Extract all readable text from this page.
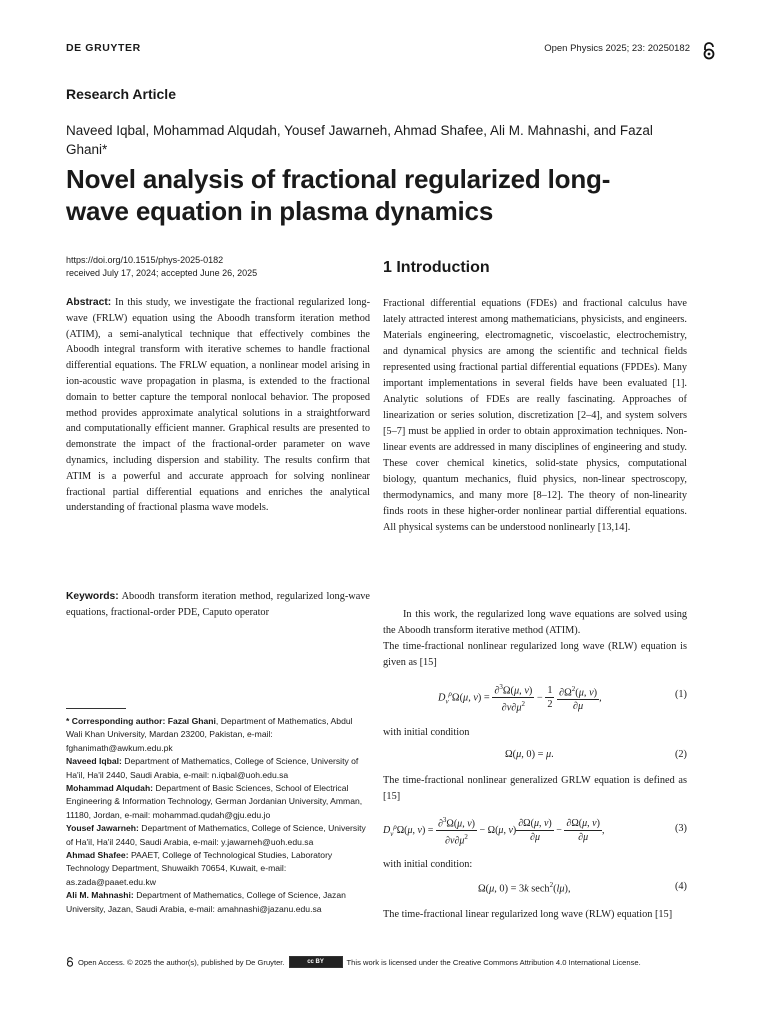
DE GRUYTER	Open Physics 2025; 23: 20250182
Research Article
Naveed Iqbal, Mohammad Alqudah, Yousef Jawarneh, Ahmad Shafee, Ali M. Mahnashi, and Fazal Ghani*
Novel analysis of fractional regularized long-wave equation in plasma dynamics
https://doi.org/10.1515/phys-2025-0182
received July 17, 2024; accepted June 26, 2025
Abstract: In this study, we investigate the fractional regularized long-wave (FRLW) equation using the Aboodh transform iteration method (ATIM), a semi-analytical technique that effectively combines the Aboodh integral transform with iterative schemes to handle fractional differential equations. The FRLW equation, a nonlinear model arising in ion-acoustic wave propagation in plasma, is extended to the fractional domain to better capture the temporal nonlocal behavior. The proposed method provides approximate analytical solutions in a straightforward and computationally efficient manner. Graphical results are presented to demonstrate the impact of the fractional-order parameter on wave dynamics, including dispersion and stability. The results confirm that ATIM is a powerful and accurate approach for solving nonlinear fractional partial differential equations and enriches the analytical understanding of fractional plasma wave models.
Keywords: Aboodh transform iteration method, regularized long-wave equations, fractional-order PDE, Caputo operator

* Corresponding author: Fazal Ghani, Department of Mathematics, Abdul Wali Khan University, Mardan 23200, Pakistan, e-mail: fghanimath@awkum.edu.pk

Naveed Iqbal: Department of Mathematics, College of Science, University of Ha'il, Ha'il 2440, Saudi Arabia, e-mail: n.iqbal@uoh.edu.sa

Mohammad Alqudah: Department of Basic Sciences, School of Electrical Engineering & Information Technology, German Jordanian University, Amman, 11180, Jordan, e-mail: mohammad.qudah@gju.edu.jo

Yousef Jawarneh: Department of Mathematics, College of Science, University of Ha'il, Ha'il 2440, Saudi Arabia, e-mail: y.jawarneh@uoh.edu.sa

Ahmad Shafee: PAAET, College of Technological Studies, Laboratory Technology Department, Shuwaikh 70654, Kuwait, e-mail: as.zada@paaet.edu.kw

Ali M. Mahnashi: Department of Mathematics, College of Science, Jazan University, Jazan, Saudi Arabia, e-mail: amahnashi@jazanu.edu.sa

1 Introduction
Fractional differential equations (FDEs) and fractional calculus have lately attracted interest among mathematicians, physicists, and engineers. Materials engineering, electromagnetic, viscoelastic, electrochemistry, and dynamical physics are among the scientific and technical fields represented using fractional partial differential equations (FPDEs). Many important implementations in several fields have been evaluated [1]. Analytic solutions of FDEs are really fascinating. Approaches of linearization or series solution, discretization [2–4], and system solvers [5–7] must be applied in order to obtain approximation techniques. Non-linear events are addressed in many disciplines of engineering and study. These cover chemical kinetics, solid-state physics, computational biology, quantum mechanics, fluid physics, non-linear spectroscopy, thermodynamics, and many more [8–12]. The theory of non-linearity finds roots in these higher-order nonlinear partial differential equations. All physical systems can be understood nonlinearly [13,14].
In this work, the regularized long wave equations are solved using the Aboodh transform iterative method (ATIM).
The time-fractional nonlinear regularized long wave (RLW) equation is given as [15]
$D_\nu^\rho\Omega(\mu$, $\nu) = \frac{\partial^3\Omega(\mu, \nu)}{\partial\nu\partial\mu^2} - \frac{1}{2}$
$\frac{\partial\Omega^2(\mu, \nu)}{\partial\mu}$ ,	(1)
with initial condition
Ω(μ, 0) = μ.	(2)
The time-fractional nonlinear generalized GRLW equation is defined as [15]
$D_\nu^\rho\Omega(\mu$, $\nu) = \frac{\partial^3\Omega(\mu, \nu)}{\partial\nu\partial\mu^2} - \Omega(\mu$, $\nu) \frac{\partial\Omega(\mu, \nu)}{\partial\mu} - \frac{\partial\Omega(\mu, \nu)}{\partial\mu}$ ,	(3)
with initial condition:
Ω(μ, 0) = 3k sech$^2$(lμ),	(4)
The time-fractional linear regularized long wave (RLW) equation [15]
Open Access. © 2025 the author(s), published by De Gruyter.	cc BY	This work is licensed under the Creative Commons Attribution 4.0 International License.
